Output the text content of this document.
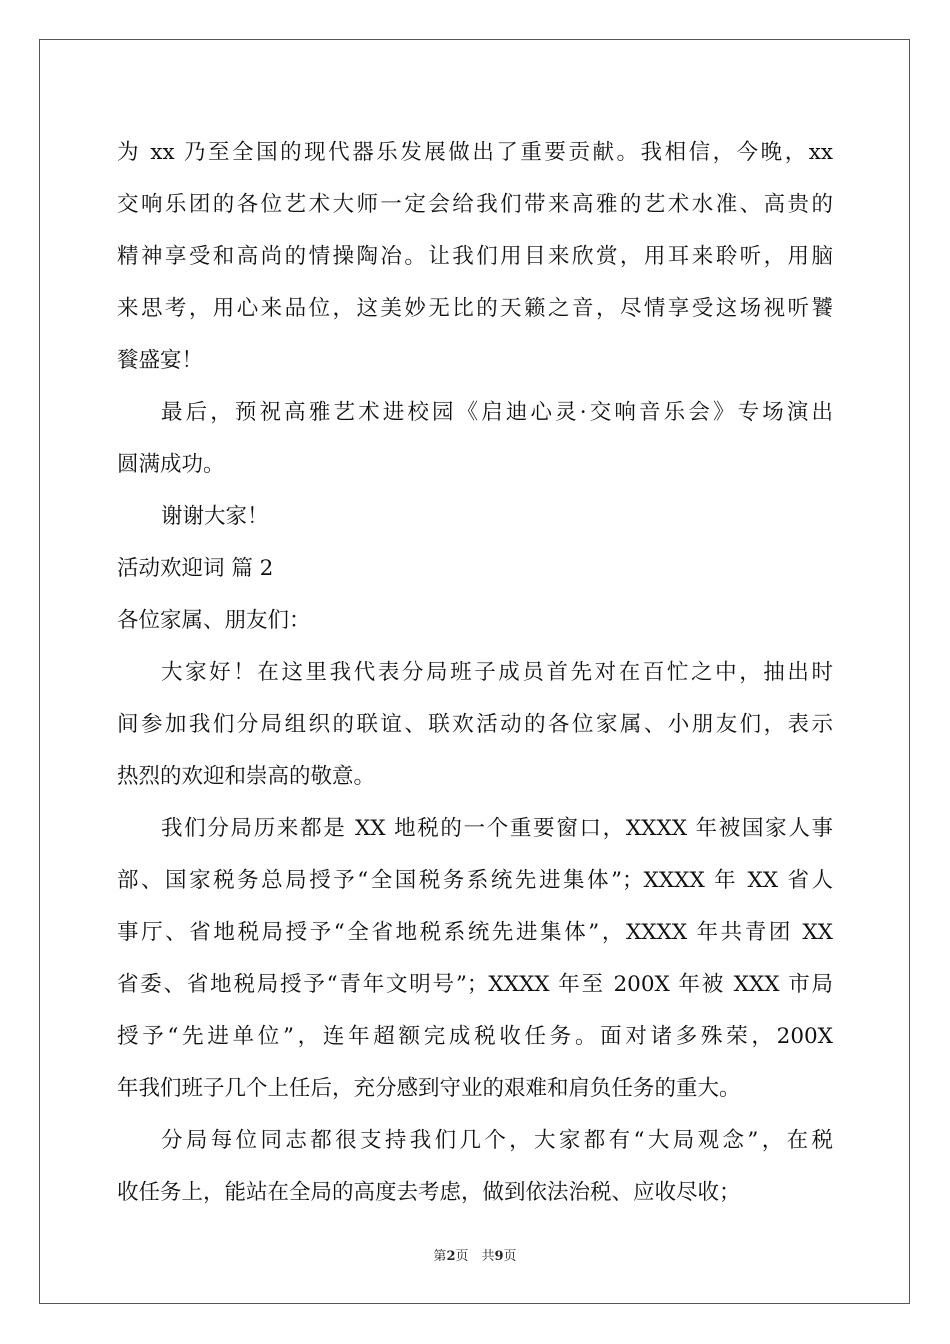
为 xx 乃至全国的现代器乐发展做出了重要贡献。我相信，今晚，xx
交响乐团的各位艺术大师一定会给我们带来高雅的艺术水准、高贵的
精神享受和高尚的情操陶冶。让我们用目来欣赏，用耳来聆听，用脑
来思考，用心来品位，这美妙无比的天籁之音，尽情享受这场视听饕
餮盛宴！
最后，预祝高雅艺术进校园《启迪心灵·交响音乐会》专场演出
圆满成功。
谢谢大家！
活动欢迎词 篇 2
各位家属、朋友们：
大家好！在这里我代表分局班子成员首先对在百忙之中，抽出时
间参加我们分局组织的联谊、联欢活动的各位家属、小朋友们，表示
热烈的欢迎和崇高的敬意。
我们分局历来都是 XX 地税的一个重要窗口，XXXX 年被国家人事
部、国家税务总局授予“全国税务系统先进集体”；XXXX 年 XX 省人
事厅、省地税局授予“全省地税系统先进集体”，XXXX 年共青团 XX
省委、省地税局授予“青年文明号”；XXXX 年至 200X 年被 XXX 市局
授予“先进单位”，连年超额完成税收任务。面对诸多殊荣，200X
年我们班子几个上任后，充分感到守业的艰难和肩负任务的重大。
分局每位同志都很支持我们几个，大家都有“大局观念”，在税
收任务上，能站在全局的高度去考虑，做到依法治税、应收尽收；
第2页　共9页
